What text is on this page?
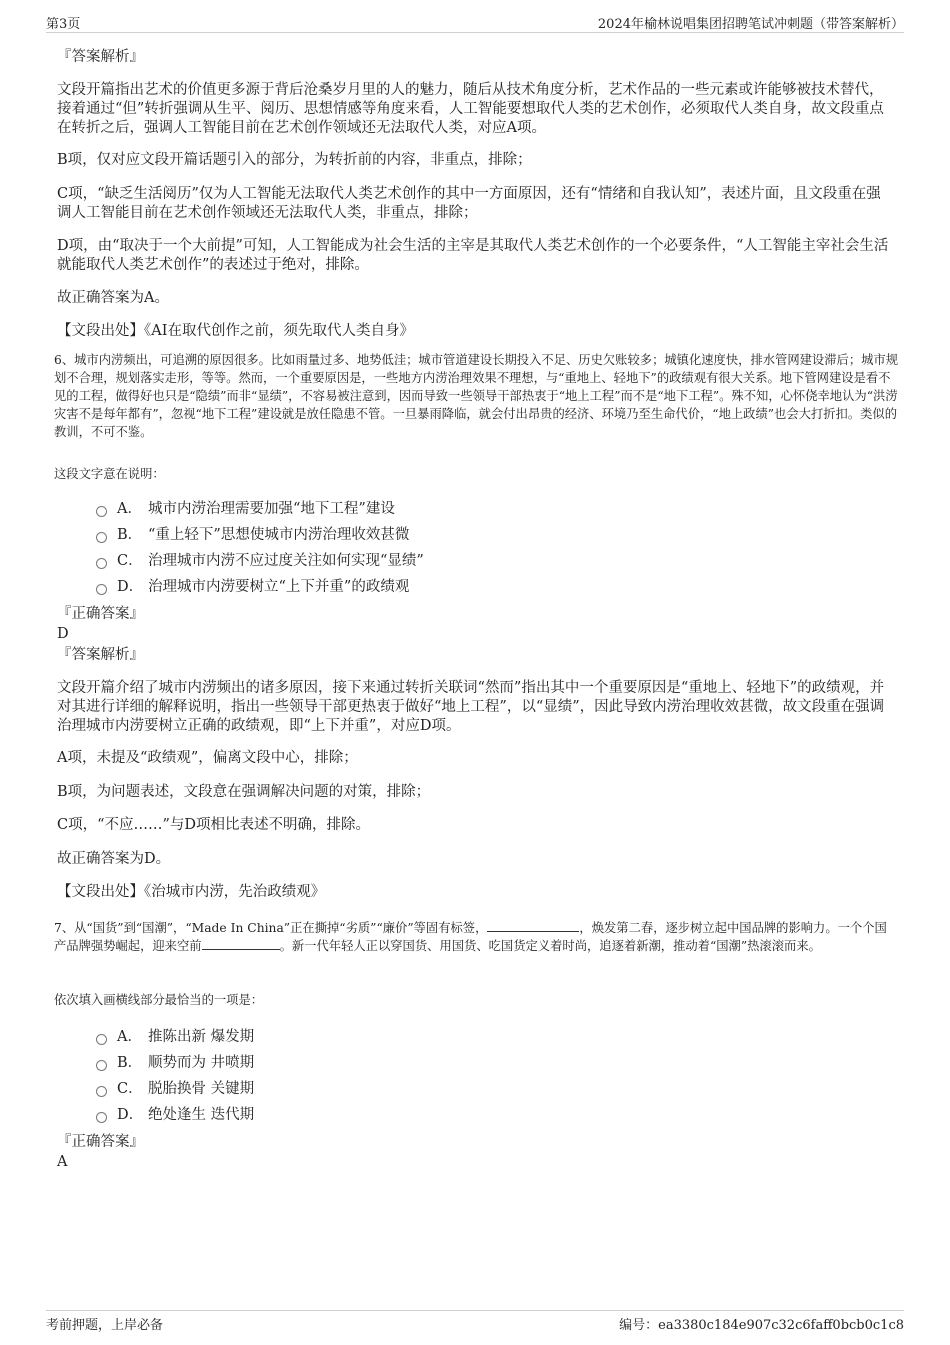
第3页	2024年榆林说唱集团招聘笔试冲刺题（带答案解析）
『答案解析』

文段开篇指出艺术的价值更多源于背后沧桑岁月里的人的魅力，随后从技术角度分析，艺术作品的一些元素或许能够被技术替代，接着通过“但”转折强调从生平、阅历、思想情感等角度来看，人工智能要想取代人类的艺术创作，必须取代人类自身，故文段重点在转折之后，强调人工智能目前在艺术创作领域还无法取代人类，对应A项。

B项，仅对应文段开篇话题引入的部分，为转折前的内容，非重点，排除；

C项，“缺乏生活阅历”仅为人工智能无法取代人类艺术创作的其中一方面原因，还有“情绪和自我认知”，表述片面，且文段重在强调人工智能目前在艺术创作领域还无法取代人类，非重点，排除；

D项，由“取决于一个大前提”可知，人工智能成为社会生活的主宰是其取代人类艺术创作的一个必要条件，“人工智能主宰社会生活就能取代人类艺术创作”的表述过于绝对，排除。

故正确答案为A。

【文段出处】《AI在取代创作之前，须先取代人类自身》

6、城市内涝频出，可追溯的原因很多。比如雨量过多、地势低洼；城市管道建设长期投入不足、历史欠账较多；城镇化速度快，排水管网建设滞后；城市规划不合理，规划落实走形，等等。然而，一个重要原因是，一些地方内涝治理效果不理想，与“重地上、轻地下”的政绩观有很大关系。地下管网建设是看不见的工程，做得好也只是“隐绩”而非“显绩”，不容易被注意到，因而导致一些领导干部热衷于“地上工程”而不是“地下工程”。殊不知，心怀侥幸地认为“洪涝灾害不是每年都有”，忽视“地下工程”建设就是放任隐患不管。一旦暴雨降临，就会付出昂贵的经济、环境乃至生命代价，“地上政绩”也会大打折扣。类似的教训，不可不鉴。

这段文字意在说明：

A． 城市内涝治理需要加强“地下工程”建设
B． “重上轻下”思想使城市内涝治理收效甚微
C． 治理城市内涝不应过度关注如何实现“显绩”
D． 治理城市内涝要树立“上下并重”的政绩观
『正确答案』
D
『答案解析』

文段开篇介绍了城市内涝频出的诸多原因，接下来通过转折关联词“然而”指出其中一个重要原因是“重地上、轻地下”的政绩观，并对其进行详细的解释说明，指出一些领导干部更热衷于做好“地上工程”，以“显绩”，因此导致内涝治理收效甚微，故文段重在强调治理城市内涝要树立正确的政绩观，即“上下并重”，对应D项。

A项，未提及“政绩观”，偏离文段中心，排除；

B项，为问题表述，文段意在强调解决问题的对策，排除；

C项，“不应……”与D项相比表述不明确，排除。

故正确答案为D。

【文段出处】《治城市内涝，先治政绩观》

7、从“国货”到“国潮”，“Made In China”正在撕掉“劣质”“廉价”等固有标签，	，焕发第二春，逐步树立起中国品牌的影响力。一个个国产品牌强势崛起，迎来空前	。新一代年轻人正以穿国货、用国货、吃国货定义着时尚，追逐着新潮，推动着“国潮”热滚滚而来。

依次填入画横线部分最恰当的一项是：

A． 推陈出新 爆发期
B． 顺势而为 井喷期
C． 脱胎换骨 关键期
D． 绝处逢生 迭代期
『正确答案』
A
考前押题，上岸必备	编号：ea3380c184e907c32c6faff0bcb0c1c8
